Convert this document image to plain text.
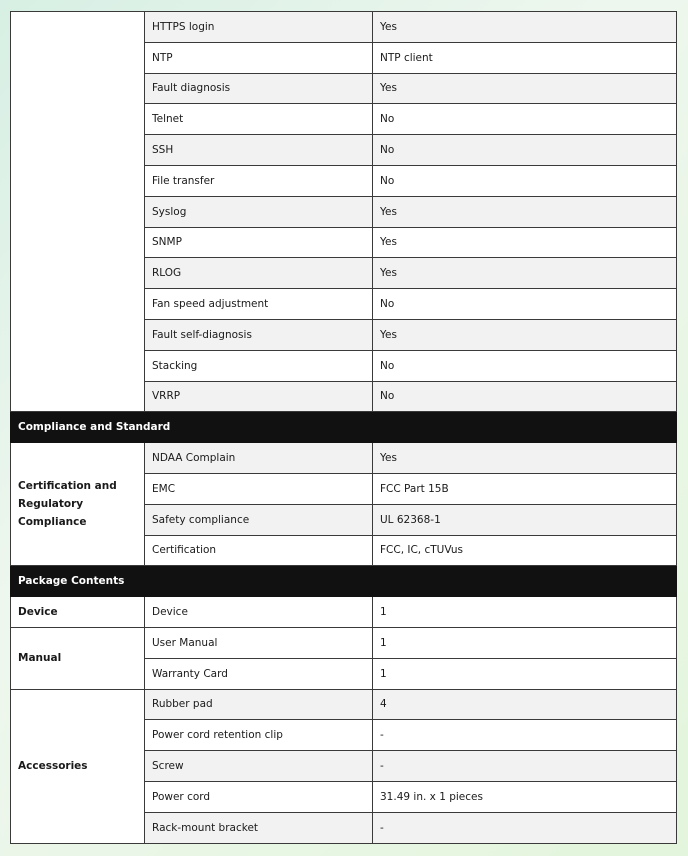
	HTTPS login	Yes
	NTP	NTP client
	Fault diagnosis	Yes
	Telnet	No
	SSH	No
	File transfer	No
	Syslog	Yes
	SNMP	Yes
	RLOG	Yes
	Fan speed adjustment	No
	Fault self-diagnosis	Yes
	Stacking	No
	VRRP	No
Compliance and Standard		
Certification and Regulatory Compliance	NDAA Complain	Yes
	EMC	FCC Part 15B
	Safety compliance	UL 62368-1
	Certification	FCC, IC, cTUVus
Package Contents		
Device	Device	1
Manual	User Manual	1
	Warranty Card	1
Accessories	Rubber pad	4
	Power cord retention clip	-
	Screw	-
	Power cord	31.49 in. x 1 pieces
	Rack-mount bracket	-
